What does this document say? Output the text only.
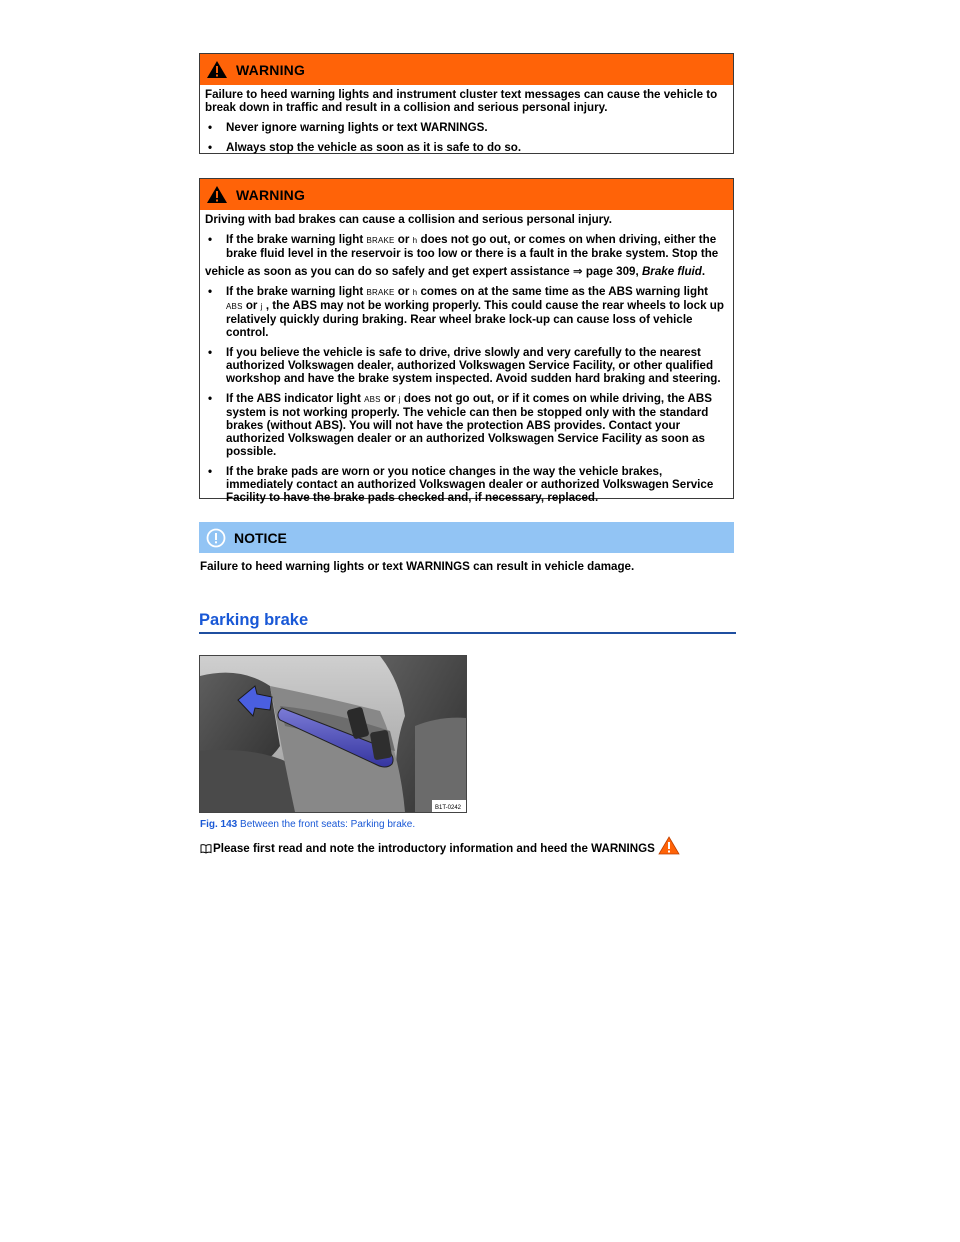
WARNING

Failure to heed warning lights and instrument cluster text messages can cause the vehicle to break down in traffic and result in a collision and serious personal injury.

•	Never ignore warning lights or text WARNINGS.

•	Always stop the vehicle as soon as it is safe to do so.

WARNING

Driving with bad brakes can cause a collision and serious personal injury.

•	If the brake warning light BRAKE or h does not go out, or comes on when driving, either the brake fluid level in the reservoir is too low or there is a fault in the brake system. Stop the

vehicle as soon as you can do so safely and get expert assistance ⇒ page 309, Brake fluid.

•	If the brake warning light BRAKE or h comes on at the same time as the ABS warning light ABS or j , the ABS may not be working properly. This could cause the rear wheels to lock up relatively quickly during braking. Rear wheel brake lock-up can cause loss of vehicle control.

•	If you believe the vehicle is safe to drive, drive slowly and very carefully to the nearest authorized Volkswagen dealer, authorized Volkswagen Service Facility, or other qualified workshop and have the brake system inspected. Avoid sudden hard braking and steering.

•	If the ABS indicator light ABS or j does not go out, or if it comes on while driving, the ABS system is not working properly. The vehicle can then be stopped only with the standard brakes (without ABS). You will not have the protection ABS provides. Contact your authorized Volkswagen dealer or an authorized Volkswagen Service Facility as soon as possible.

•	If the brake pads are worn or you notice changes in the way the vehicle brakes, immediately contact an authorized Volkswagen dealer or authorized Volkswagen Service Facility to have the brake pads checked and, if necessary, replaced.

NOTICE
Failure to heed warning lights or text WARNINGS can result in vehicle damage.
Parking brake
B1T-0242
Fig. 143 Between the front seats: Parking brake.
Please first read and note the introductory information and heed the WARNINGS
